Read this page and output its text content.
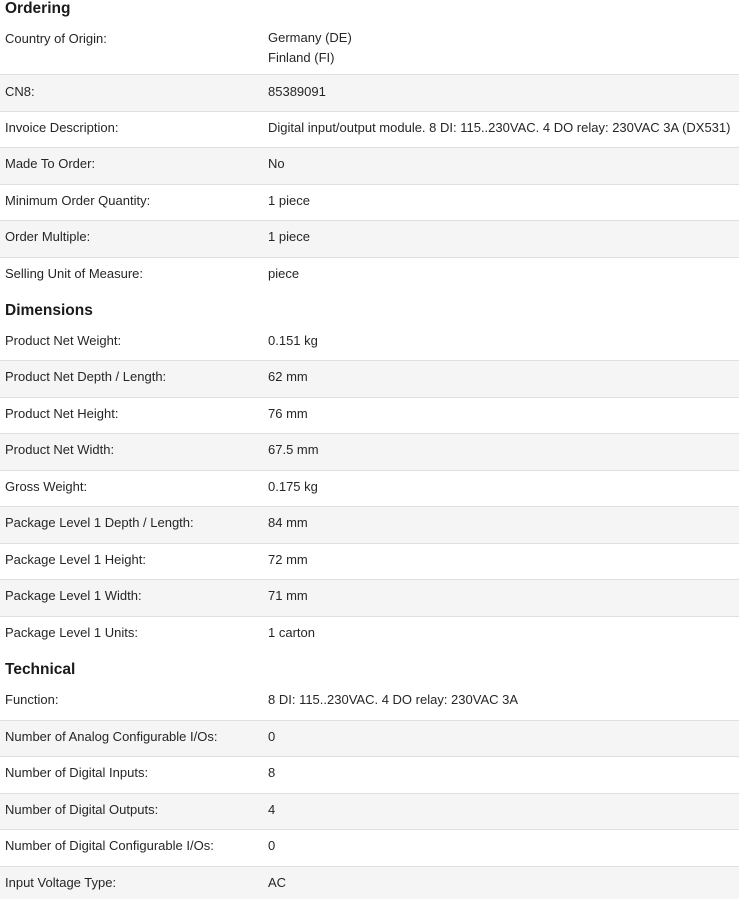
Ordering
Country of Origin:	Germany (DE)
Finland (FI)
CN8:	85389091
Invoice Description:	Digital input/output module. 8 DI: 115..230VAC. 4 DO relay: 230VAC 3A (DX531)
Made To Order:	No
Minimum Order Quantity:	1 piece
Order Multiple:	1 piece
Selling Unit of Measure:	piece
Dimensions
Product Net Weight:	0.151 kg
Product Net Depth / Length:	62 mm
Product Net Height:	76 mm
Product Net Width:	67.5 mm
Gross Weight:	0.175 kg
Package Level 1 Depth / Length:	84 mm
Package Level 1 Height:	72 mm
Package Level 1 Width:	71 mm
Package Level 1 Units:	1 carton
Technical
Function:	8 DI: 115..230VAC. 4 DO relay: 230VAC 3A
Number of Analog Configurable I/Os:	0
Number of Digital Inputs:	8
Number of Digital Outputs:	4
Number of Digital Configurable I/Os:	0
Input Voltage Type:	AC
